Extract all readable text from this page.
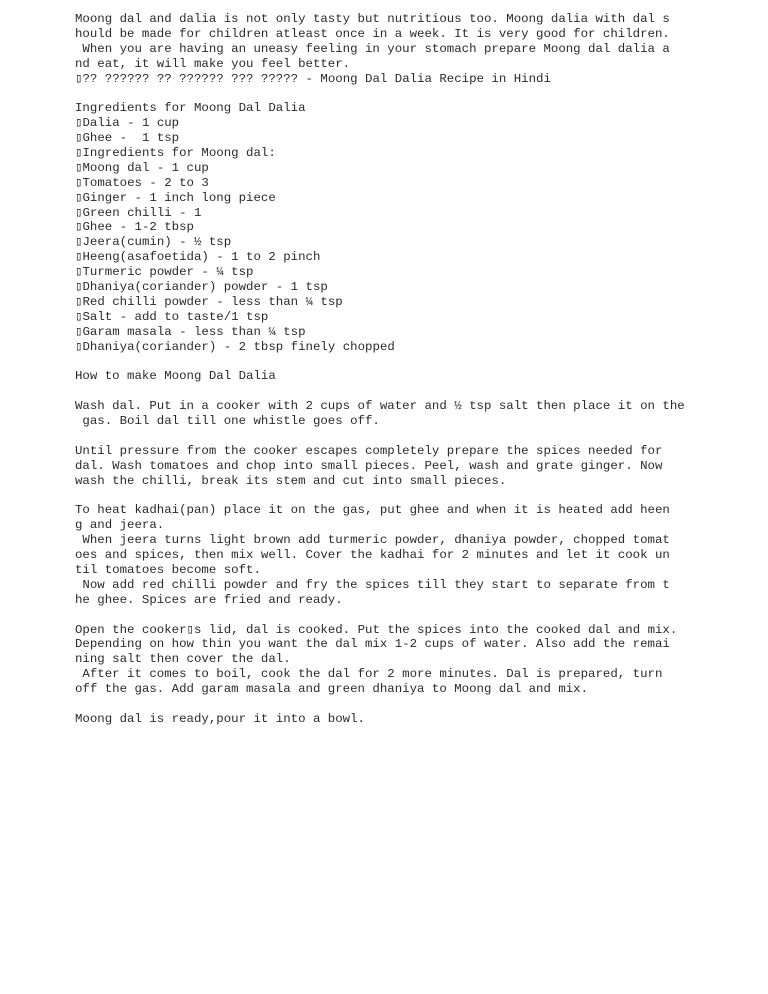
Moong dal and dalia is not only tasty but nutritious too. Moong dalia with dal s
hould be made for children atleast once in a week. It is very good for children.
When you are having an uneasy feeling in your stomach prepare Moong dal dalia a
nd eat, it will make you feel better.
▯?? ?????? ?? ?????? ??? ????? - Moong Dal Dalia Recipe in Hindi
Ingredients for Moong Dal Dalia
▯Dalia - 1 cup
▯Ghee -  1 tsp
▯Ingredients for Moong dal:
▯Moong dal - 1 cup
▯Tomatoes - 2 to 3
▯Ginger - 1 inch long piece
▯Green chilli - 1
▯Ghee - 1-2 tbsp
▯Jeera(cumin) - ½ tsp
▯Heeng(asafoetida) - 1 to 2 pinch
▯Turmeric powder - ¼ tsp
▯Dhaniya(coriander) powder - 1 tsp
▯Red chilli powder - less than ¼ tsp
▯Salt - add to taste/1 tsp
▯Garam masala - less than ¼ tsp
▯Dhaniya(coriander) - 2 tbsp finely chopped
How to make Moong Dal Dalia
Wash dal. Put in a cooker with 2 cups of water and ½ tsp salt then place it on the
gas. Boil dal till one whistle goes off.
Until pressure from the cooker escapes completely prepare the spices needed for
dal. Wash tomatoes and chop into small pieces. Peel, wash and grate ginger. Now
wash the chilli, break its stem and cut into small pieces.
To heat kadhai(pan) place it on the gas, put ghee and when it is heated add heen
g and jeera.
When jeera turns light brown add turmeric powder, dhaniya powder, chopped tomat
oes and spices, then mix well. Cover the kadhai for 2 minutes and let it cook un
til tomatoes become soft.
Now add red chilli powder and fry the spices till they start to separate from t
he ghee. Spices are fried and ready.
Open the cooker▯s lid, dal is cooked. Put the spices into the cooked dal and mix.
Depending on how thin you want the dal mix 1-2 cups of water. Also add the remai
ning salt then cover the dal.
After it comes to boil, cook the dal for 2 more minutes. Dal is prepared, turn
off the gas. Add garam masala and green dhaniya to Moong dal and mix.
Moong dal is ready,pour it into a bowl.
